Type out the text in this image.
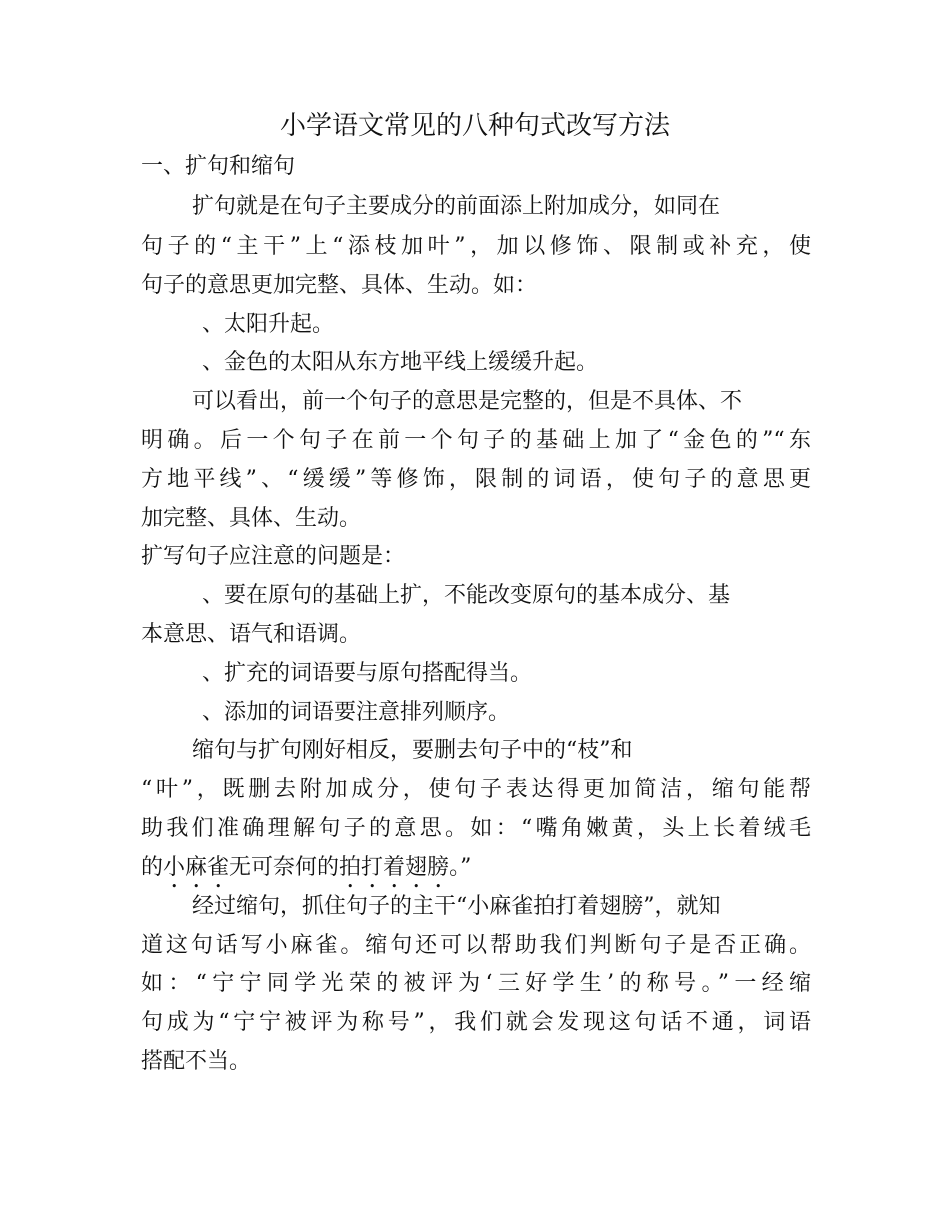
小学语文常见的八种句式改写方法
一、扩句和缩句
扩句就是在句子主要成分的前面添上附加成分，如同在
句子的“主干”上“添枝加叶”，加以修饰、限制或补充，使
句子的意思更加完整、具体、生动。如：
、太阳升起。
、金色的太阳从东方地平线上缓缓升起。
可以看出，前一个句子的意思是完整的，但是不具体、不
明确。后一个句子在前一个句子的基础上加了“金色的”“东
方地平线”、“缓缓”等修饰，限制的词语，使句子的意思更
加完整、具体、生动。
扩写句子应注意的问题是：
、要在原句的基础上扩，不能改变原句的基本成分、基
本意思、语气和语调。
、扩充的词语要与原句搭配得当。
、添加的词语要注意排列顺序。
缩句与扩句刚好相反，要删去句子中的“枝”和
“叶”，既删去附加成分，使句子表达得更加简洁，缩句能帮
助我们准确理解句子的意思。如：“嘴角嫩黄，头上长着绒毛
的小麻雀无可奈何的拍打着翅膀。”
经过缩句，抓住句子的主干“小麻雀拍打着翅膀”，就知
道这句话写小麻雀。缩句还可以帮助我们判断句子是否正确。
如：“宁宁同学光荣的被评为‘三好学生’的称号。”一经缩
句成为“宁宁被评为称号”，我们就会发现这句话不通，词语
搭配不当。
